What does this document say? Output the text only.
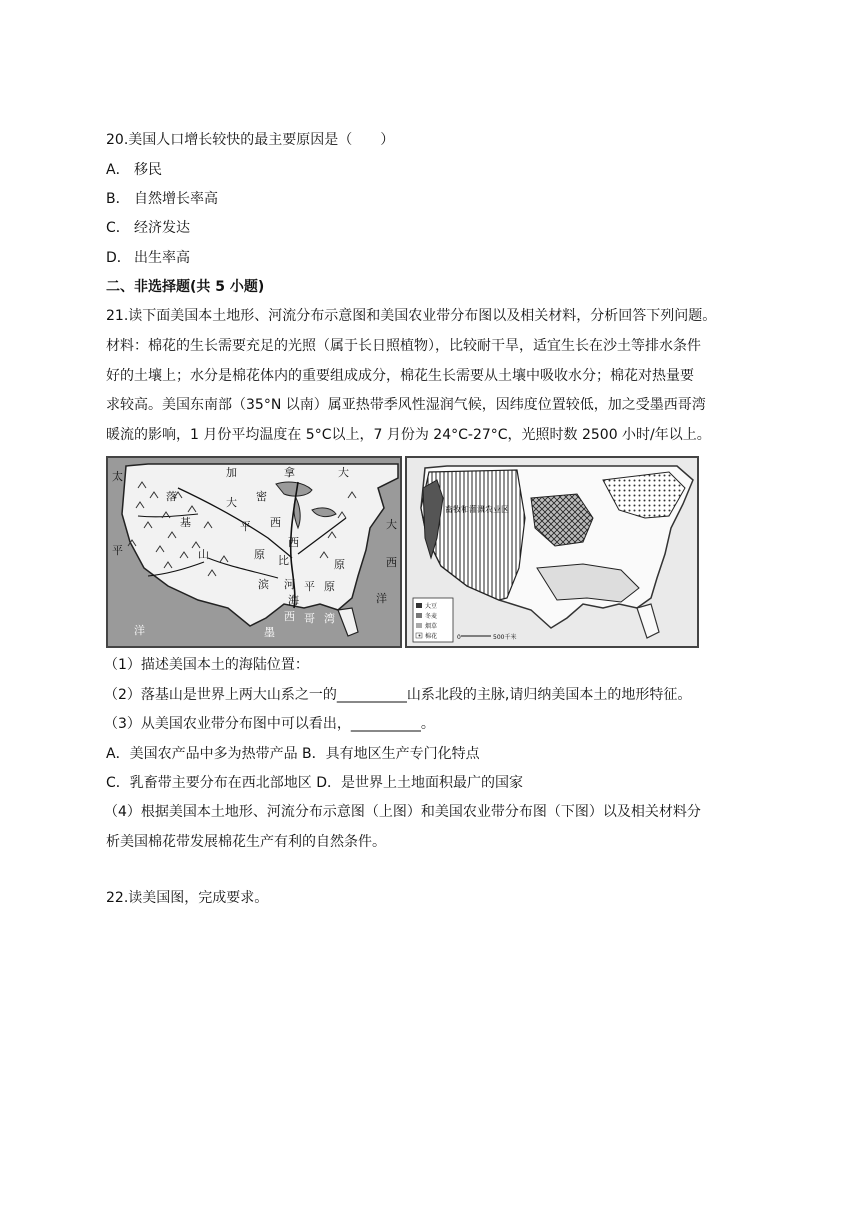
20.美国人口增长较快的最主要原因是（　　）
A． 移民
B． 自然增长率高
C． 经济发达
D． 出生率高
二、非选择题(共 5 小题)
21.读下面美国本土地形、河流分布示意图和美国农业带分布图以及相关材料，分析回答下列问题。
材料：棉花的生长需要充足的光照（属于长日照植物），比较耐干旱，适宜生长在沙土等排水条件
好的土壤上；水分是棉花体内的重要组成成分，棉花生长需要从土壤中吸收水分；棉花对热量要
求较高。美国东南部（35°N 以南）属亚热带季风性湿润气候，因纬度位置较低，加之受墨西哥湾
暖流的影响，1 月份平均温度在 5°C以上，7 月份为 24°C-27°C，光照时数 2500 小时/年以上。
太
平
洋
加	拿	大
落
基
山
大 密
平 西
原
西
比
河
原
平 原
大
西
洋
墨
西 哥 湾
滨
海
畜牧和灌溉农业区
大豆
冬麦
烟草
棉花	0	500千米
（1）描述美国本土的海陆位置：
（2）落基山是世界上两大山系之一的__________山系北段的主脉,请归纳美国本土的地形特征。
（3）从美国农业带分布图中可以看出，__________。
A．美国农产品中多为热带产品 B．具有地区生产专门化特点
C．乳畜带主要分布在西北部地区 D．是世界上土地面积最广的国家
（4）根据美国本土地形、河流分布示意图（上图）和美国农业带分布图（下图）以及相关材料分
析美国棉花带发展棉花生产有利的自然条件。
22.读美国图，完成要求。
